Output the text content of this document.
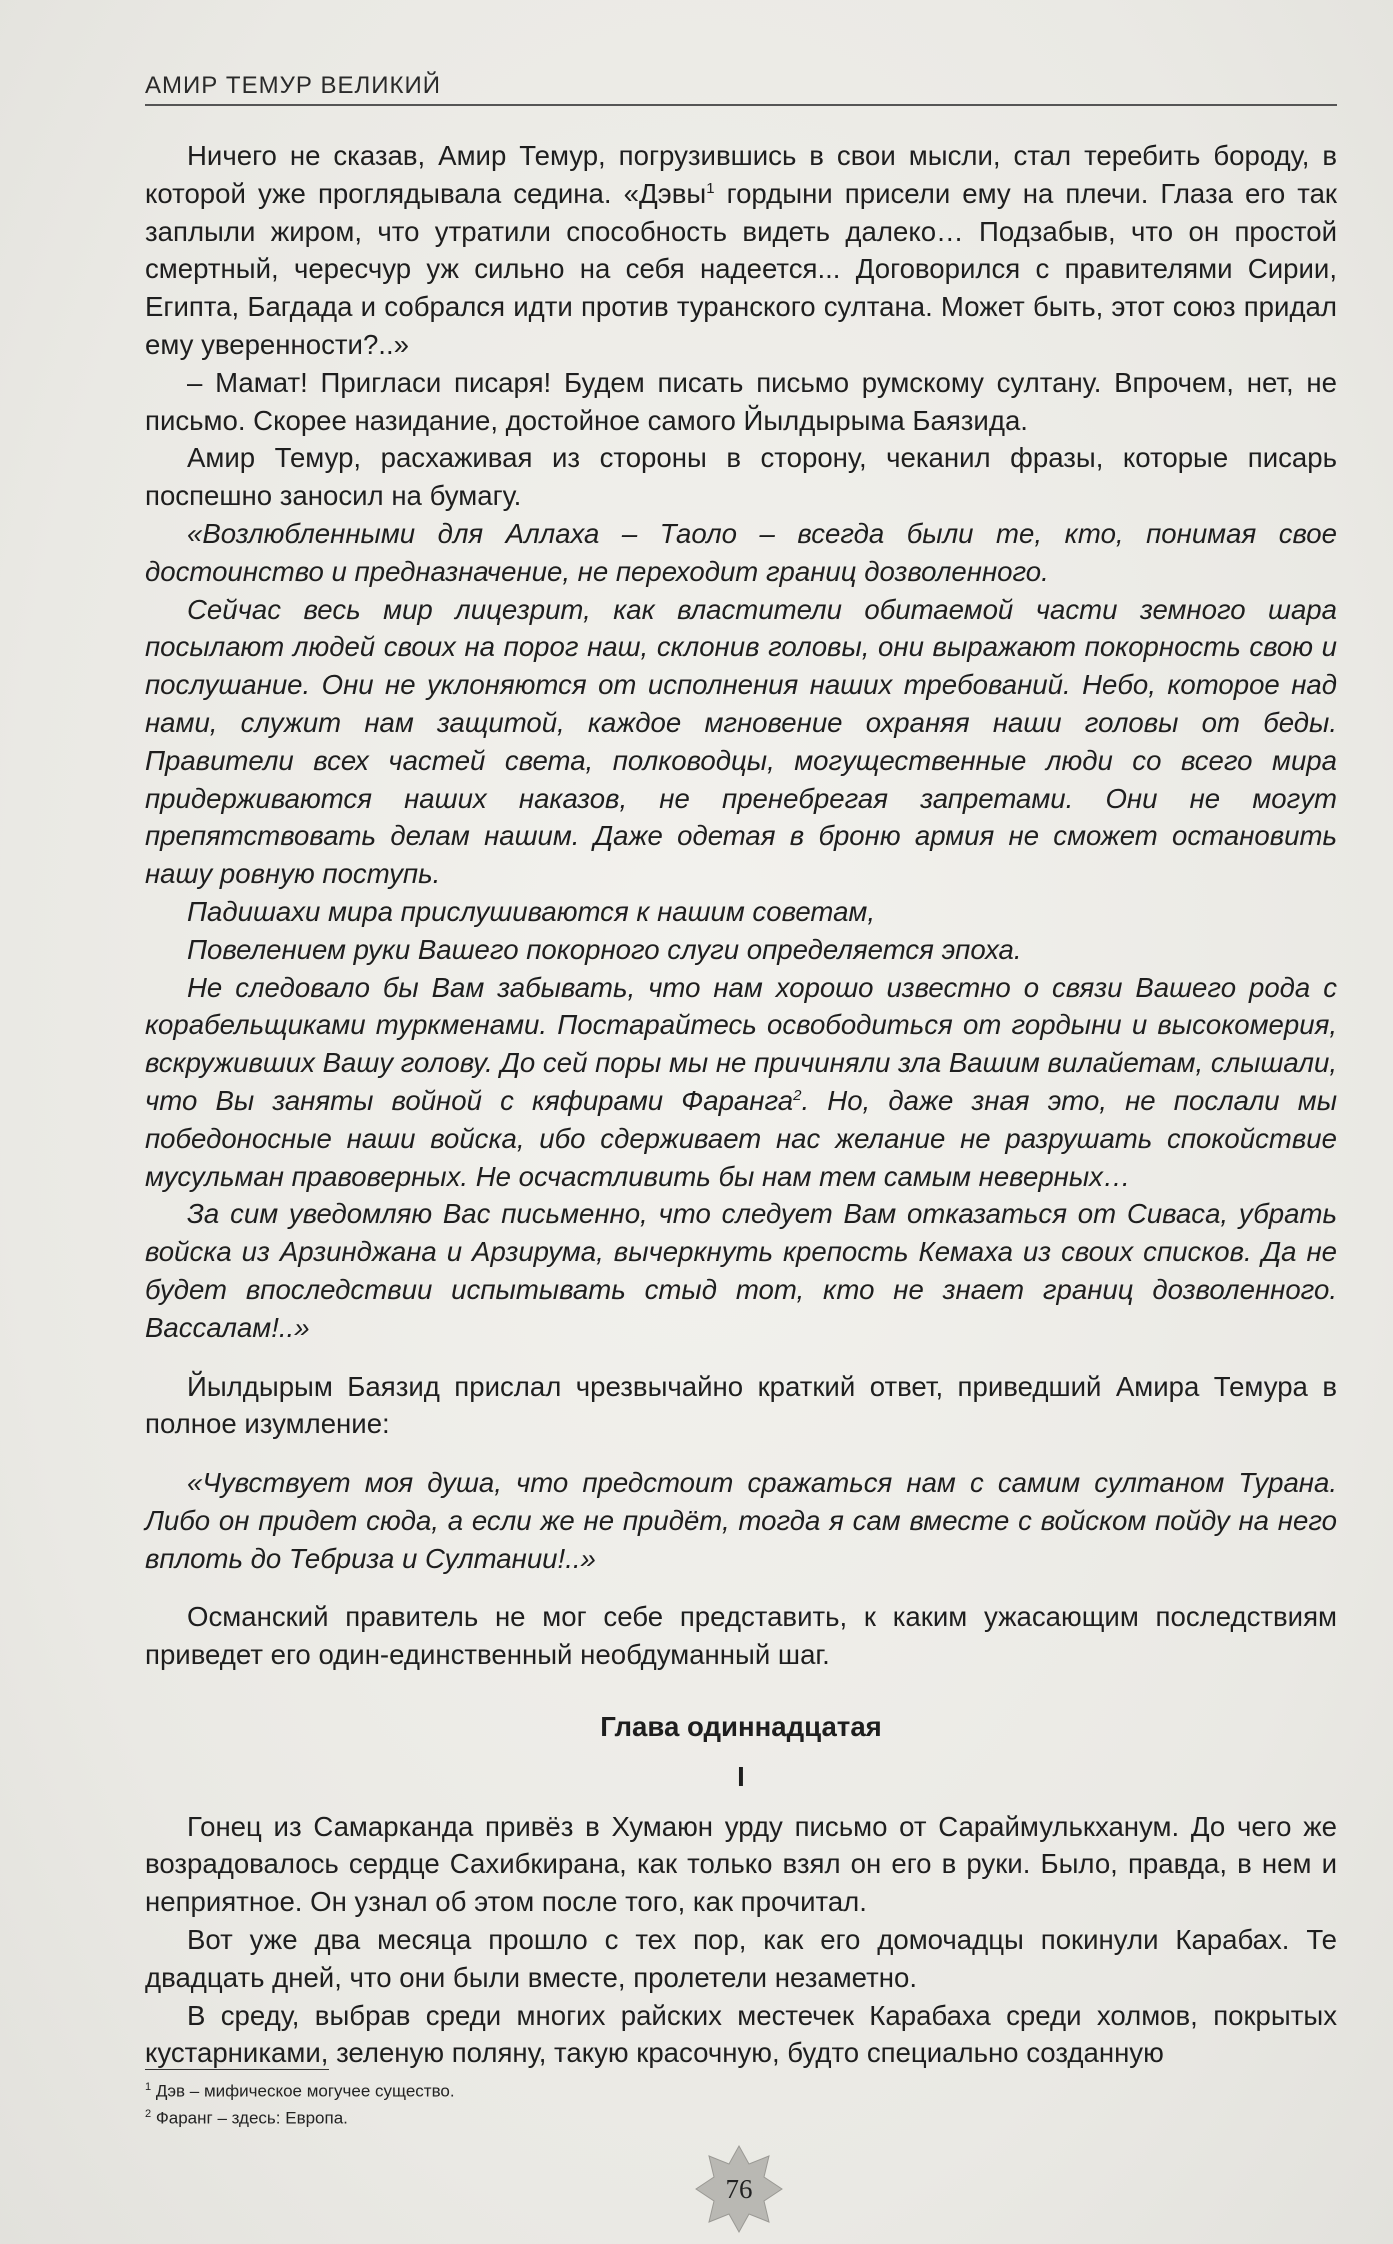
АМИР ТЕМУР ВЕЛИКИЙ

Ничего не сказав, Амир Темур, погрузившись в свои мысли, стал теребить бороду, в которой уже проглядывала седина. «Дэвы$^1$ гордыни присели ему на плечи. Глаза его так заплыли жиром, что утратили способность видеть далеко… Подзабыв, что он простой смертный, чересчур уж сильно на себя надеется... Договорился с правителями Сирии, Египта, Багдада и собрался идти против туранского султана. Может быть, этот союз придал ему уверенности?..»

– Мамат! Пригласи писаря! Будем писать письмо румскому султану. Впрочем, нет, не письмо. Скорее назидание, достойное самого Йылдырыма Баязида.

Амир Темур, расхаживая из стороны в сторону, чеканил фразы, которые писарь поспешно заносил на бумагу.

«Возлюбленными для Аллаха – Таоло – всегда были те, кто, понимая свое достоинство и предназначение, не переходит границ дозволенного.

Сейчас весь мир лицезрит, как властители обитаемой части земного шара посылают людей своих на порог наш, склонив головы, они выражают покорность свою и послушание. Они не уклоняются от исполнения наших требований. Небо, которое над нами, служит нам защитой, каждое мгновение охраняя наши головы от беды. Правители всех частей света, полководцы, могущественные люди со всего мира придерживаются наших наказов, не пренебрегая запретами. Они не могут препятствовать делам нашим. Даже одетая в броню армия не сможет остановить нашу ровную поступь.

Падишахи мира прислушиваются к нашим советам,

Повелением руки Вашего покорного слуги определяется эпоха.

Не следовало бы Вам забывать, что нам хорошо известно о связи Вашего рода с корабельщиками туркменами. Постарайтесь освободиться от гордыни и высокомерия, вскруживших Вашу голову. До сей поры мы не причиняли зла Вашим вилайетам, слышали, что Вы заняты войной с кяфирами Фаранга$^2$. Но, даже зная это, не послали мы победоносные наши войска, ибо сдерживает нас желание не разрушать спокойствие мусульман правоверных. Не осчастливить бы нам тем самым неверных…

За сим уведомляю Вас письменно, что следует Вам отказаться от Сиваса, убрать войска из Арзинджана и Арзирума, вычеркнуть крепость Кемаха из своих списков. Да не будет впоследствии испытывать стыд тот, кто не знает границ дозволенного. Вассалам!..»

Йылдырым Баязид прислал чрезвычайно краткий ответ, приведший Амира Темура в полное изумление:

«Чувствует моя душа, что предстоит сражаться нам с самим султаном Турана. Либо он придет сюда, а если же не придёт, тогда я сам вместе с войском пойду на него вплоть до Тебриза и Султании!..»

Османский правитель не мог себе представить, к каким ужасающим последствиям приведет его один-единственный необдуманный шаг.

Глава одиннадцатая

I

Гонец из Самарканда привёз в Хумаюн урду письмо от Сараймулькханум. До чего же возрадовалось сердце Сахибкирана, как только взял он его в руки. Было, правда, в нем и неприятное. Он узнал об этом после того, как прочитал.

Вот уже два месяца прошло с тех пор, как его домочадцы покинули Карабах. Те двадцать дней, что они были вместе, пролетели незаметно.

В среду, выбрав среди многих райских местечек Карабаха среди холмов, покрытых кустарниками, зеленую поляну, такую красочную, будто специально созданную

$^1$ Дэв – мифическое могучее существо.
$^2$ Фаранг – здесь: Европа.
76
